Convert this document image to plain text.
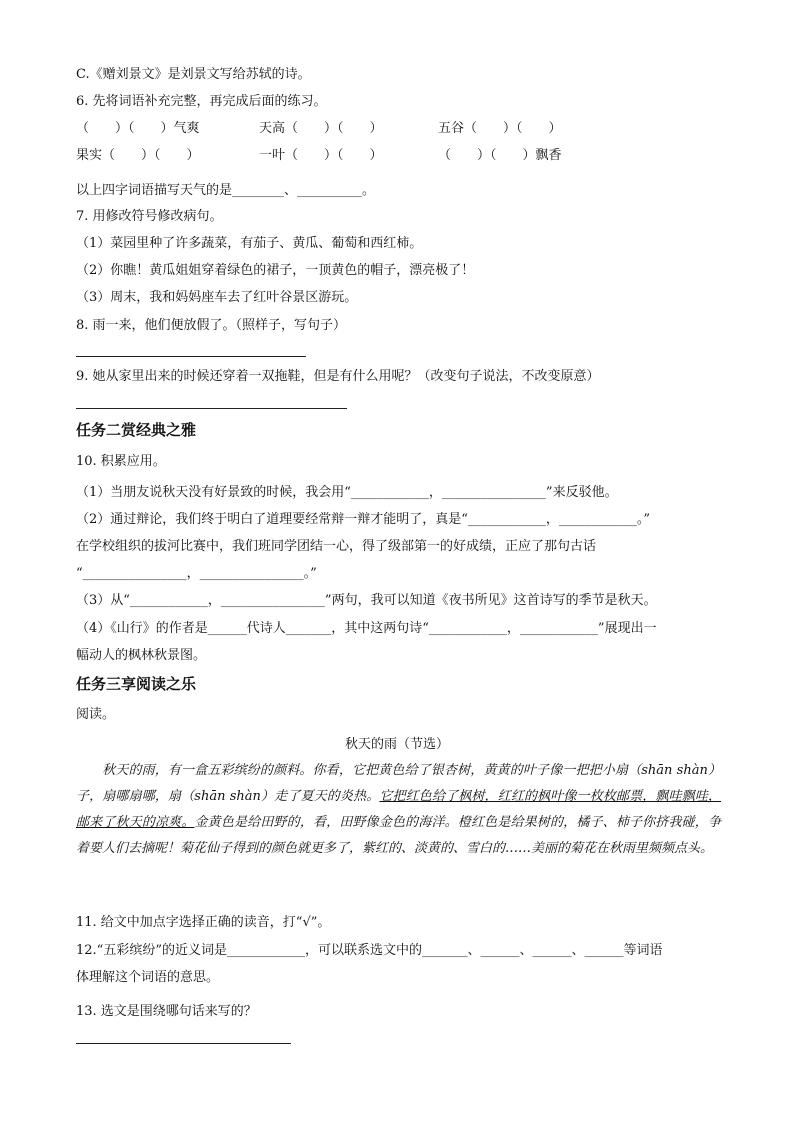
C.《赠刘景文》是刘景文写给苏轼的诗。
6. 先将词语补充完整，再完成后面的练习。
（　　）（　　）气爽	天高（　　）（　　）	五谷（　　）（　　）
果实（　　）（　　）	一叶（　　）（　　）	（　　）（　　）飘香
以上四字词语描写天气的是________、__________。
7. 用修改符号修改病句。
（1）菜园里种了许多蔬菜，有茄子、黄瓜、葡萄和西红柿。
（2）你瞧！黄瓜姐姐穿着绿色的裙子，一顶黄色的帽子，漂亮极了！
（3）周末，我和妈妈座车去了红叶谷景区游玩。
8. 雨一来，他们便放假了。（照样子，写句子）
9. 她从家里出来的时候还穿着一双拖鞋，但是有什么用呢？（改变句子说法，不改变原意）
任务二赏经典之雅
10. 积累应用。
（1）当朋友说秋天没有好景致的时候，我会用“____________，________________”来反驳他。
（2）通过辩论，我们终于明白了道理要经常辩一辩才能明了，真是“____________，____________。”
在学校组织的拔河比赛中，我们班同学团结一心，得了级部第一的好成绩，正应了那句古话
“________________，________________。”
（3）从“____________，________________”两句，我可以知道《夜书所见》这首诗写的季节是秋天。
（4）《山行》的作者是______代诗人_______，其中这两句诗“____________，____________”展现出一
幅动人的枫林秋景图。
任务三享阅读之乐
阅读。
秋天的雨（节选）
秋天的雨，有一盒五彩缤纷的颜料。你看，它把黄色给了银杏树，黄黄的叶子像一把把小扇（shān shàn）子，扇哪扇哪，扇（shān shàn）走了夏天的炎热。它把红色给了枫树，红红的枫叶像一枚枚邮票，飘哇飘哇，邮来了秋天的凉爽。金黄色是给田野的，看，田野像金色的海洋。橙红色是给果树的，橘子、柿子你挤我碰，争着要人们去摘呢！菊花仙子得到的颜色就更多了，紫红的、淡黄的、雪白的……美丽的菊花在秋雨里频频点头。
11. 给文中加点字选择正确的读音，打“√”。
12.“五彩缤纷”的近义词是____________，可以联系选文中的_______、______、______、______等词语
体理解这个词语的意思。
13. 选文是围绕哪句话来写的？
